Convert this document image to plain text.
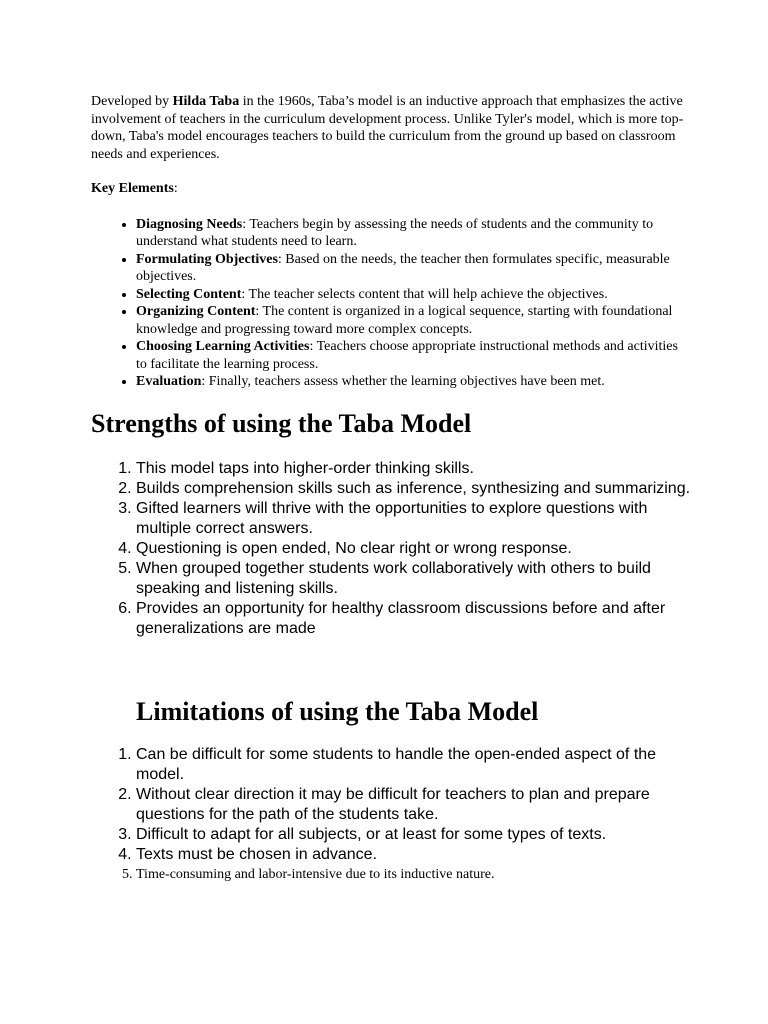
Developed by Hilda Taba in the 1960s, Taba’s model is an inductive approach that emphasizes the active involvement of teachers in the curriculum development process. Unlike Tyler's model, which is more top-down, Taba's model encourages teachers to build the curriculum from the ground up based on classroom needs and experiences.

Key Elements:

• Diagnosing Needs: Teachers begin by assessing the needs of students and the community to understand what students need to learn.
• Formulating Objectives: Based on the needs, the teacher then formulates specific, measurable objectives.
• Selecting Content: The teacher selects content that will help achieve the objectives.
• Organizing Content: The content is organized in a logical sequence, starting with foundational knowledge and progressing toward more complex concepts.
• Choosing Learning Activities: Teachers choose appropriate instructional methods and activities to facilitate the learning process.
• Evaluation: Finally, teachers assess whether the learning objectives have been met.
Strengths of using the Taba Model
1. This model taps into higher-order thinking skills.
2. Builds comprehension skills such as inference, synthesizing and summarizing.
3. Gifted learners will thrive with the opportunities to explore questions with multiple correct answers.
4. Questioning is open ended, No clear right or wrong response.
5. When grouped together students work collaboratively with others to build speaking and listening skills.
6. Provides an opportunity for healthy classroom discussions before and after generalizations are made
Limitations of using the Taba Model
1. Can be difficult for some students to handle the open-ended aspect of the model.
2. Without clear direction it may be difficult for teachers to plan and prepare questions for the path of the students take.
3. Difficult to adapt for all subjects, or at least for some types of texts.
4. Texts must be chosen in advance.
5. Time-consuming and labor-intensive due to its inductive nature.
